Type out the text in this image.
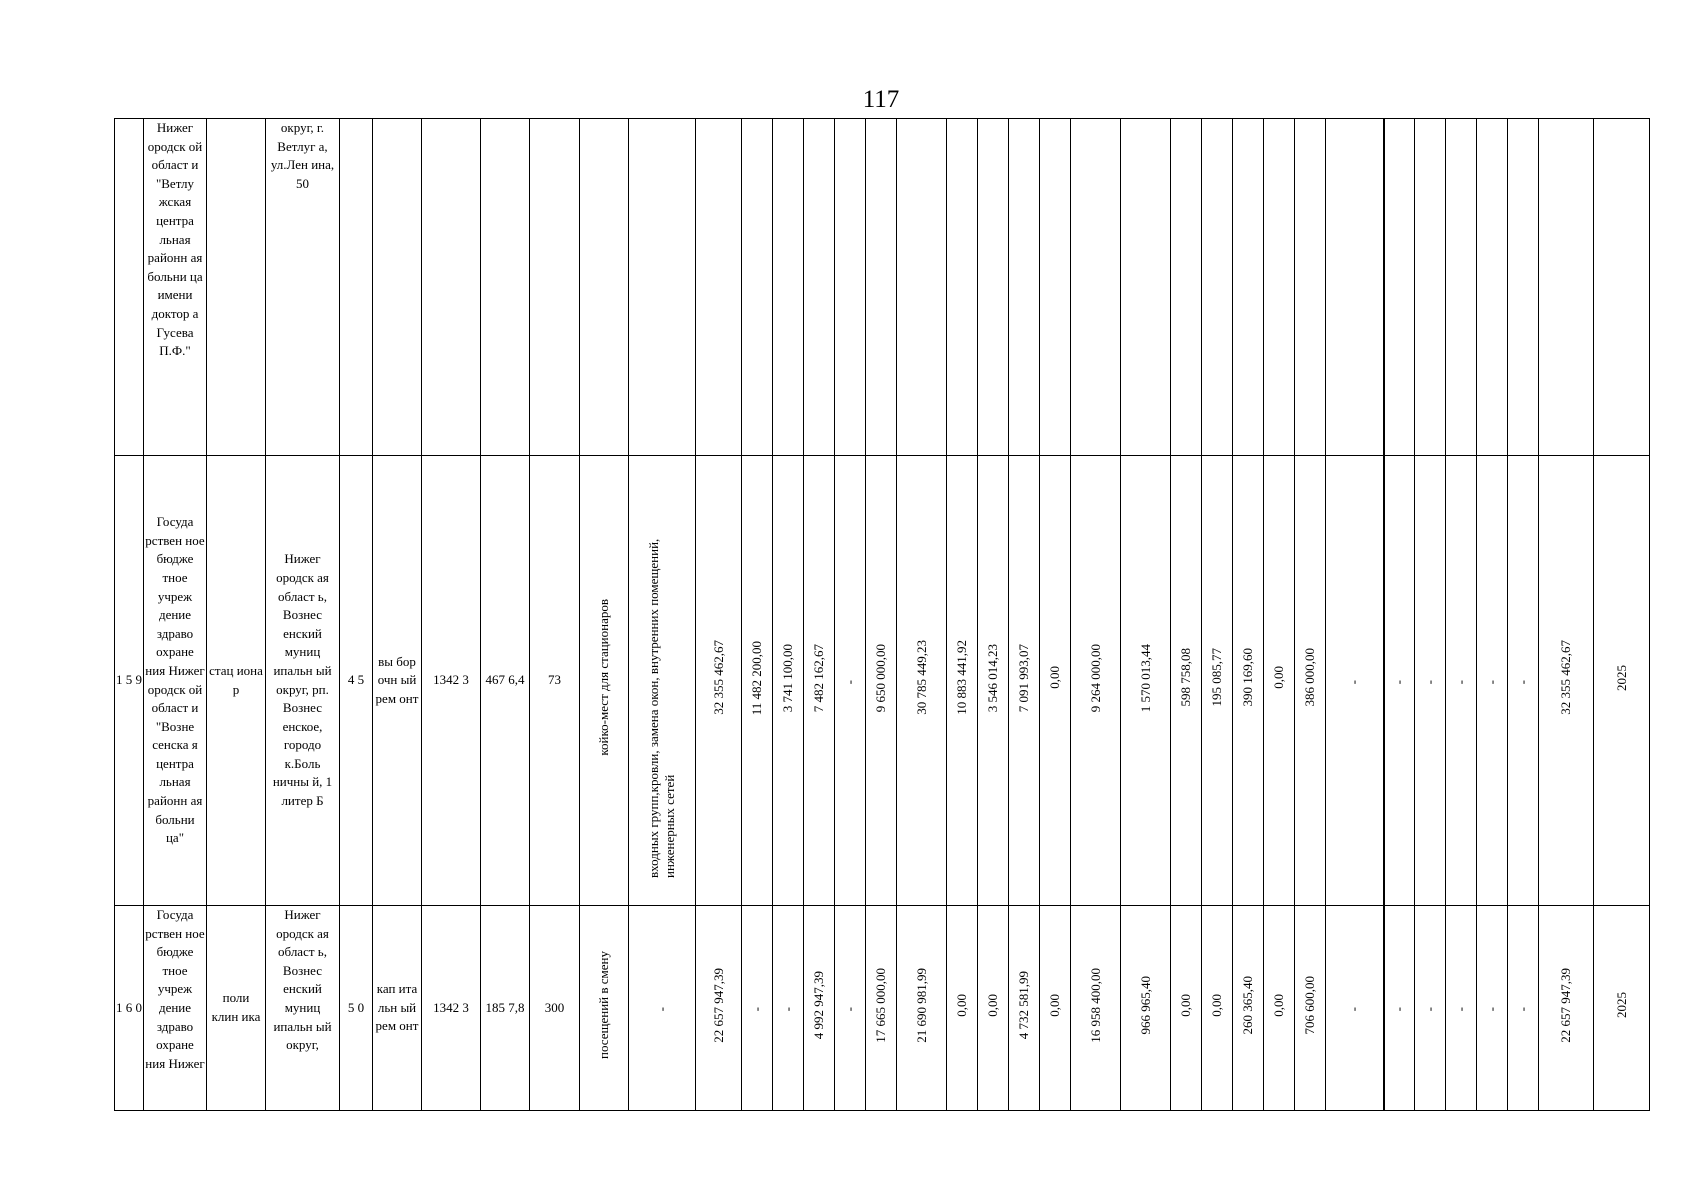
117

	Нижег ородск ой област и "Ветлу жская центра льная районн ая больни ца имени доктор а Гусева П.Ф."		округ, г. Ветлуг а, ул.Лен ина, 50																																	

1 5 9	Госуда рствен ное бюдже тное учреж дение здраво охране ния Нижег ородск ой област и "Возне сенска я центра льная районн ая больни ца"	стац иона р	Нижег ородск ая област ь, Вознес енский муниц ипальн ый округ, рп. Вознес енское, городо к.Боль ничны й, 1 литер Б	4 5	вы бор очн ый рем онт	1342 3	467 6,4	73	койко-мест для стационаров	входных групп,кровли, замена окон, внутренних помещений, инженерных сетей	32 355 462,67	11 482 200,00	3 741 100,00	7 482 162,67	-	9 650 000,00	30 785 449,23	10 883 441,92	3 546 014,23	7 091 993,07	0,00	9 264 000,00	1 570 013,44	598 758,08	195 085,77	390 169,60	0,00	386 000,00	-	-	-	-	-	-	32 355 462,67	2025

1 6 0	Госуда рствен ное бюдже тное учреж дение здраво охране ния Нижег	поли клин ика	Нижег ородск ая област ь, Вознес енский муниц ипальн ый округ,	5 0	кап ита льн ый рем онт	1342 3	185 7,8	300	посещений в смену	-	22 657 947,39	-	-	4 992 947,39	-	17 665 000,00	21 690 981,99	0,00	0,00	4 732 581,99	0,00	16 958 400,00	966 965,40	0,00	0,00	260 365,40	0,00	706 600,00	-	-	-	-	-	-	22 657 947,39	2025
